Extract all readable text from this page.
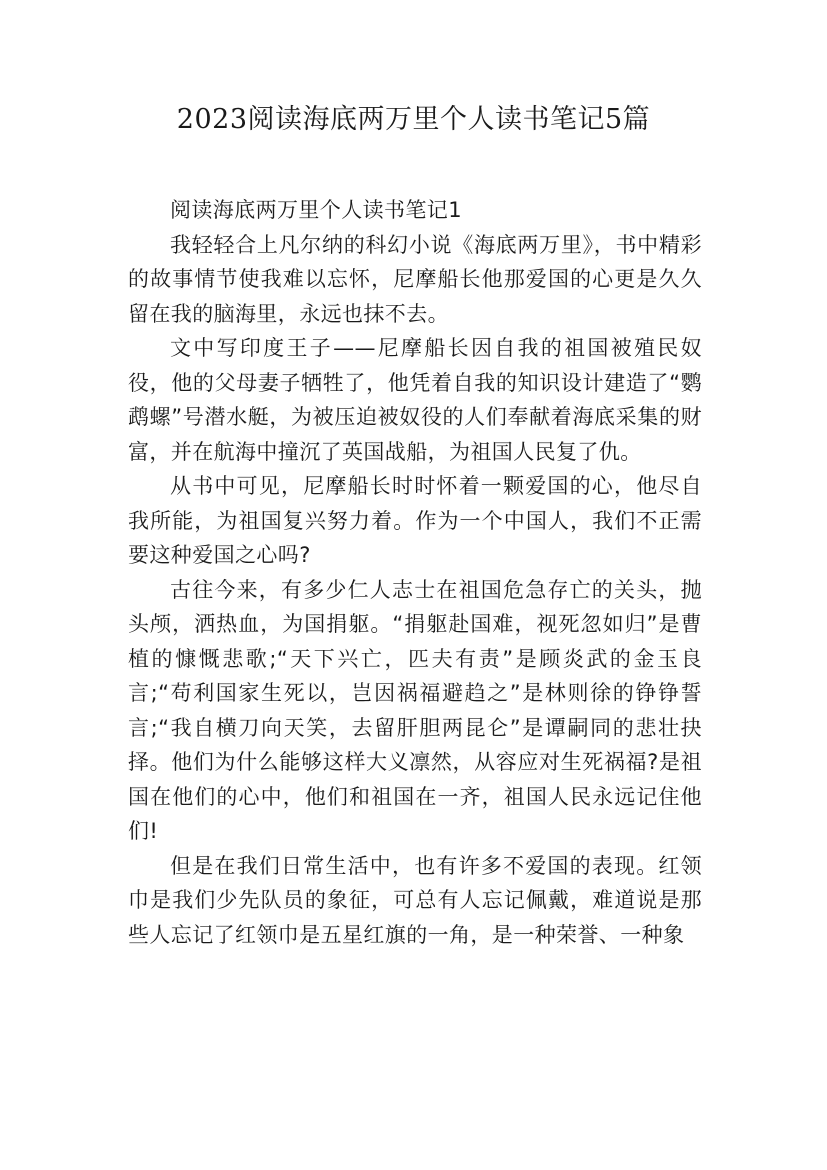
2023阅读海底两万里个人读书笔记5篇

阅读海底两万里个人读书笔记1

我轻轻合上凡尔纳的科幻小说《海底两万里》，书中精彩的故事情节使我难以忘怀，尼摩船长他那爱国的心更是久久留在我的脑海里，永远也抹不去。

文中写印度王子——尼摩船长因自我的祖国被殖民奴役，他的父母妻子牺牲了，他凭着自我的知识设计建造了“鹦鹉螺”号潜水艇，为被压迫被奴役的人们奉献着海底采集的财富，并在航海中撞沉了英国战船，为祖国人民复了仇。

从书中可见，尼摩船长时时怀着一颗爱国的心，他尽自我所能，为祖国复兴努力着。作为一个中国人，我们不正需要这种爱国之心吗?

古往今来，有多少仁人志士在祖国危急存亡的关头，抛头颅，洒热血，为国捐躯。“捐躯赴国难，视死忽如归”是曹植的慷慨悲歌;“天下兴亡，匹夫有责”是顾炎武的金玉良言;“苟利国家生死以，岂因祸福避趋之”是林则徐的铮铮誓言;“我自横刀向天笑，去留肝胆两昆仑”是谭嗣同的悲壮抉择。他们为什么能够这样大义凛然，从容应对生死祸福?是祖国在他们的心中，他们和祖国在一齐，祖国人民永远记住他们!

但是在我们日常生活中，也有许多不爱国的表现。红领巾是我们少先队员的象征，可总有人忘记佩戴，难道说是那些人忘记了红领巾是五星红旗的一角，是一种荣誉、一种象
